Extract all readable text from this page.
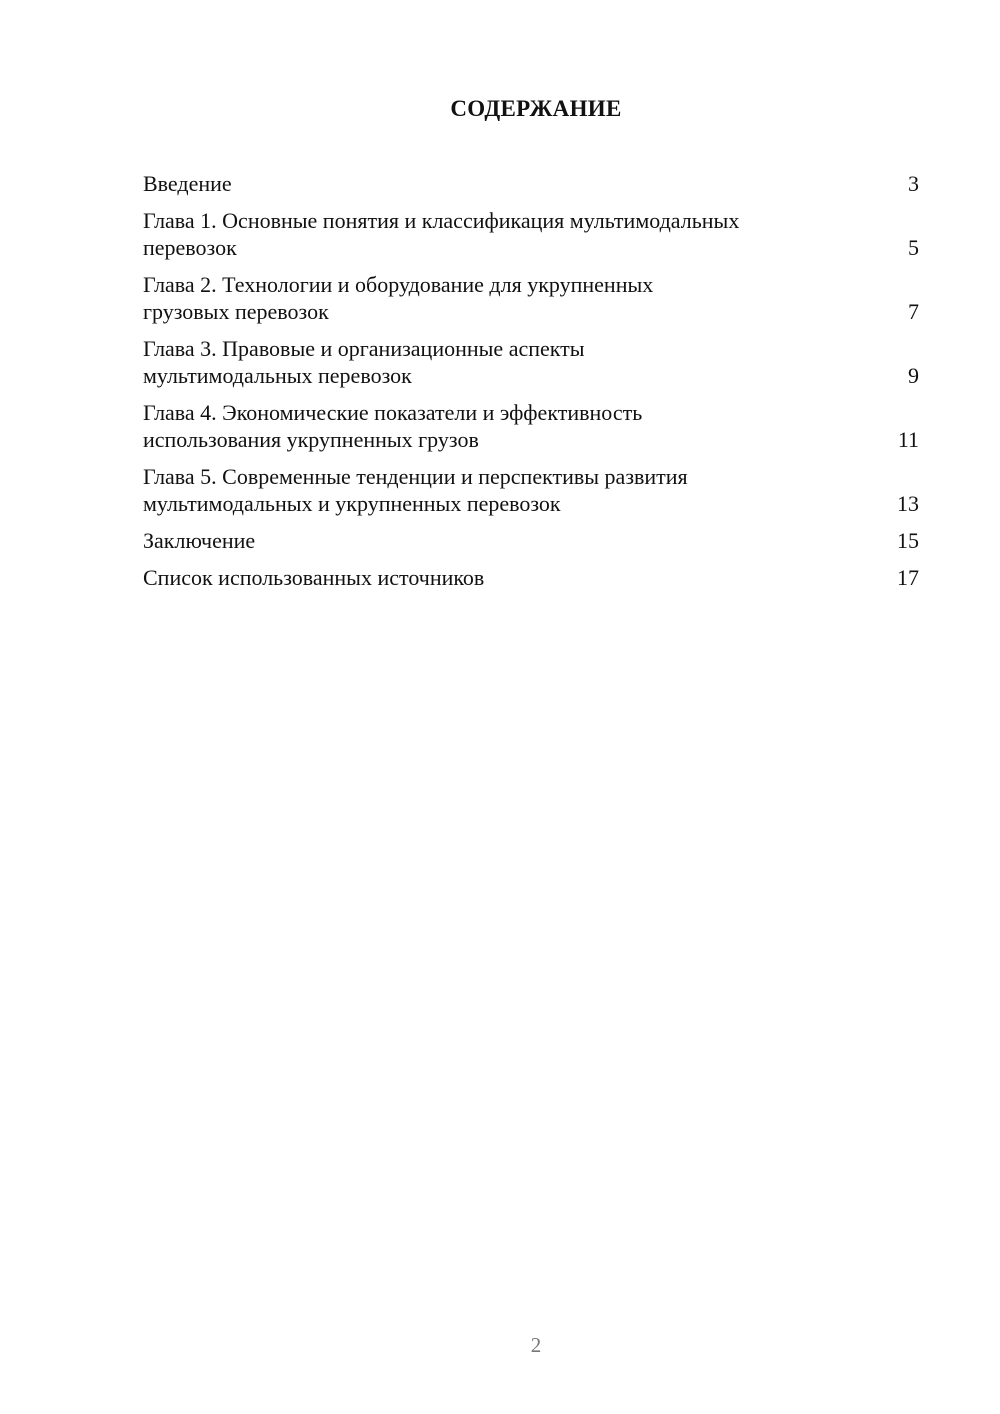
СОДЕРЖАНИЕ
Введение	3
Глава 1. Основные понятия и классификация мультимодальных
перевозок	5
Глава 2. Технологии и оборудование для укрупненных
грузовых перевозок	7
Глава 3. Правовые и организационные аспекты
мультимодальных перевозок	9
Глава 4. Экономические показатели и эффективность
использования укрупненных грузов	11
Глава 5. Современные тенденции и перспективы развития
мультимодальных и укрупненных перевозок	13
Заключение	15
Список использованных источников	17
2
